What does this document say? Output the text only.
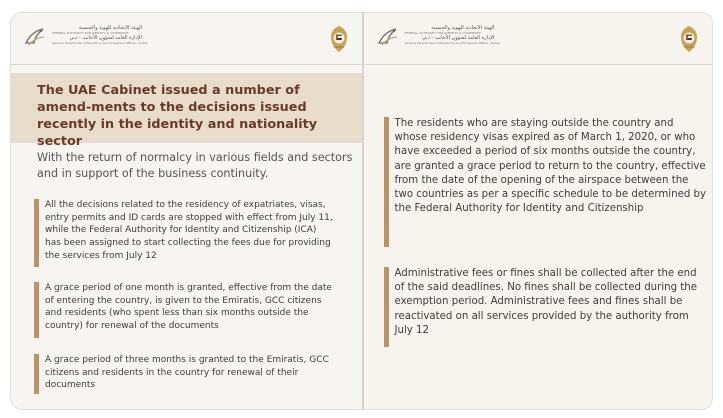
الهيئة الاتحادية للهوية والجنسية
FEDERAL AUTHORITY FOR IDENTITY & CITIZENSHIP
الإدارة العامة لشؤون الأجانب - دبي
General Directorate of Residency and Foreigners Affairs - Dubai
The UAE Cabinet issued a number of amend-ments to the decisions issued recently in the identity and nationality sector
With the return of normalcy in various fields and sectors and in support of the business continuity.
All the decisions related to the residency of expatriates, visas, entry permits and ID cards are stopped with effect from July 11, while the Federal Authority for Identity and Citizenship (ICA) has been assigned to start collecting the fees due for providing the services from July 12
A grace period of one month is granted, effective from the date of entering the country, is given to the Emiratis, GCC citizens and residents (who spent less than six months outside the country) for renewal of the documents
A grace period of three months is granted to the Emiratis, GCC citizens and residents in the country for renewal of their documents
الهيئة الاتحادية للهوية والجنسية
FEDERAL AUTHORITY FOR IDENTITY & CITIZENSHIP
الإدارة العامة لشؤون الأجانب - دبي
General Directorate of Residency and Foreigners Affairs - Dubai
The residents who are staying outside the country and whose residency visas expired as of March 1, 2020, or who have exceeded a period of six months outside the country, are granted a grace period to return to the country, effective from the date of the opening of the airspace between the two countries as per a specific schedule to be determined by the Federal Authority for Identity and Citizenship
Administrative fees or fines shall be collected after the end of the said deadlines. No fines shall be collected during the exemption period. Administrative fees and fines shall be reactivated on all services provided by the authority from July 12
